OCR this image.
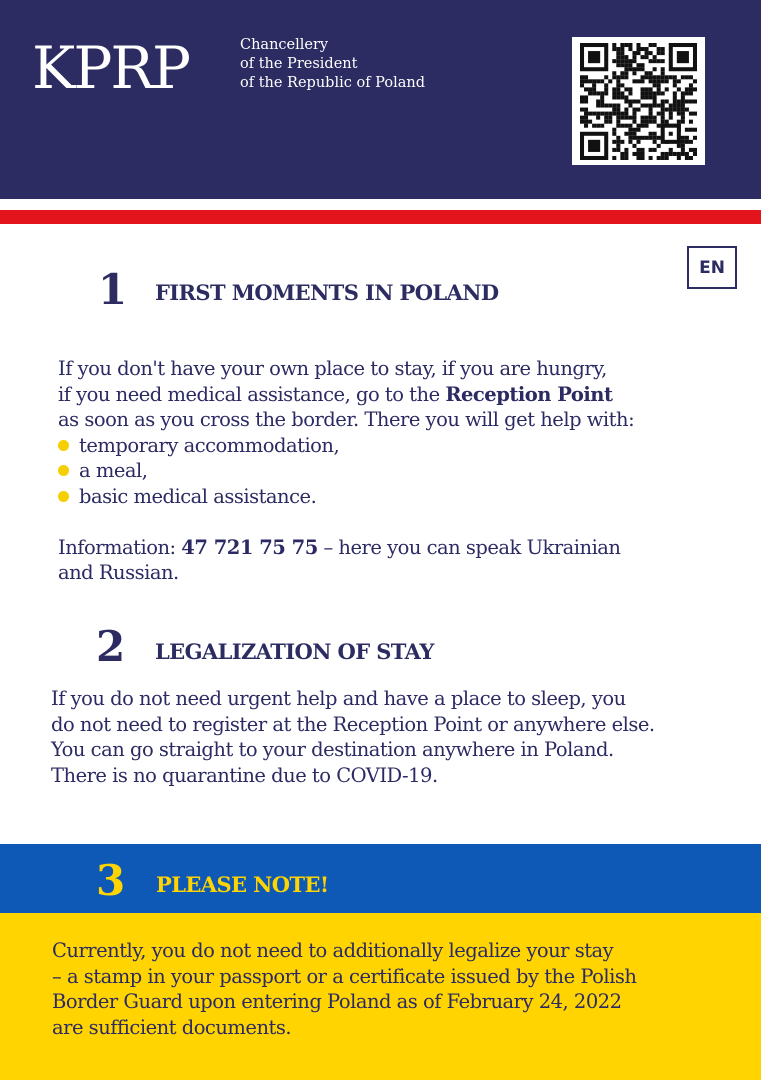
KPRP	Chancellery
of the President
of the Republic of Poland
EN
1 FIRST MOMENTS IN POLAND
If you don't have your own place to stay, if you are hungry,
if you need medical assistance, go to the Reception Point
as soon as you cross the border. There you will get help with:
temporary accommodation,
a meal,
basic medical assistance.
Information: 47 721 75 75 – here you can speak Ukrainian
and Russian.
2 LEGALIZATION OF STAY
If you do not need urgent help and have a place to sleep, you
do not need to register at the Reception Point or anywhere else.
You can go straight to your destination anywhere in Poland.
There is no quarantine due to COVID-19.
3 PLEASE NOTE!
Currently, you do not need to additionally legalize your stay
– a stamp in your passport or a certificate issued by the Polish
Border Guard upon entering Poland as of February 24, 2022
are sufficient documents.
